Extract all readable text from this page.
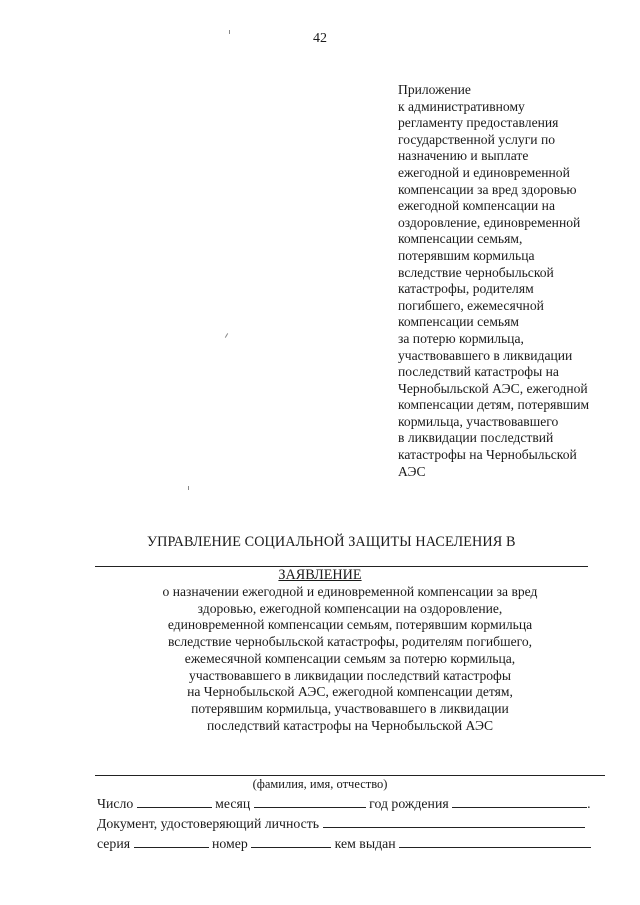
42
Приложение
к административному
регламенту предоставления
государственной услуги по
назначению и выплате
ежегодной и единовременной
компенсации за вред здоровью
ежегодной компенсации на
оздоровление, единовременной
компенсации семьям,
потерявшим кормильца
вследствие чернобыльской
катастрофы, родителям
погибшего, ежемесячной
компенсации семьям
за потерю кормильца,
участвовавшего в ликвидации
последствий катастрофы на
Чернобыльской АЭС, ежегодной
компенсации детям, потерявшим
кормильца, участвовавшего
в ликвидации последствий
катастрофы на Чернобыльской
АЭС
УПРАВЛЕНИЕ СОЦИАЛЬНОЙ ЗАЩИТЫ НАСЕЛЕНИЯ В
ЗАЯВЛЕНИЕ
о назначении ежегодной и единовременной компенсации за вред
здоровью, ежегодной компенсации на оздоровление,
единовременной компенсации семьям, потерявшим кормильца
вследствие чернобыльской катастрофы, родителям погибшего,
ежемесячной компенсации семьям за потерю кормильца,
участвовавшего в ликвидации последствий катастрофы
на Чернобыльской АЭС, ежегодной компенсации детям,
потерявшим кормильца, участвовавшего в ликвидации
последствий катастрофы на Чернобыльской АЭС
(фамилия, имя, отчество)
Число	месяц	год рождения	.
Документ, удостоверяющий личность
серия	номер	кем выдан
